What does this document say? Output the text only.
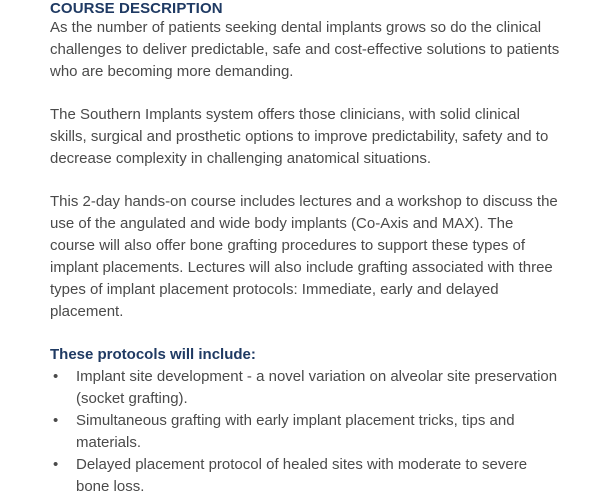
COURSE DESCRIPTION

As the number of patients seeking dental implants grows so do the clinical challenges to deliver predictable, safe and cost-effective solutions to patients who are becoming more demanding.

The Southern Implants system offers those clinicians, with solid clinical skills, surgical and prosthetic options to improve predictability, safety and to decrease complexity in challenging anatomical situations.

This 2-day hands-on course includes lectures and a workshop to discuss the use of the angulated and wide body implants (Co-Axis and MAX). The course will also offer bone grafting procedures to support these types of implant placements. Lectures will also include grafting associated with three types of implant placement protocols: Immediate, early and delayed placement.

These protocols will include:

• Implant site development - a novel variation on alveolar site preservation (socket grafting).
• Simultaneous grafting with early implant placement tricks, tips and materials.
• Delayed placement protocol of healed sites with moderate to severe bone loss.
